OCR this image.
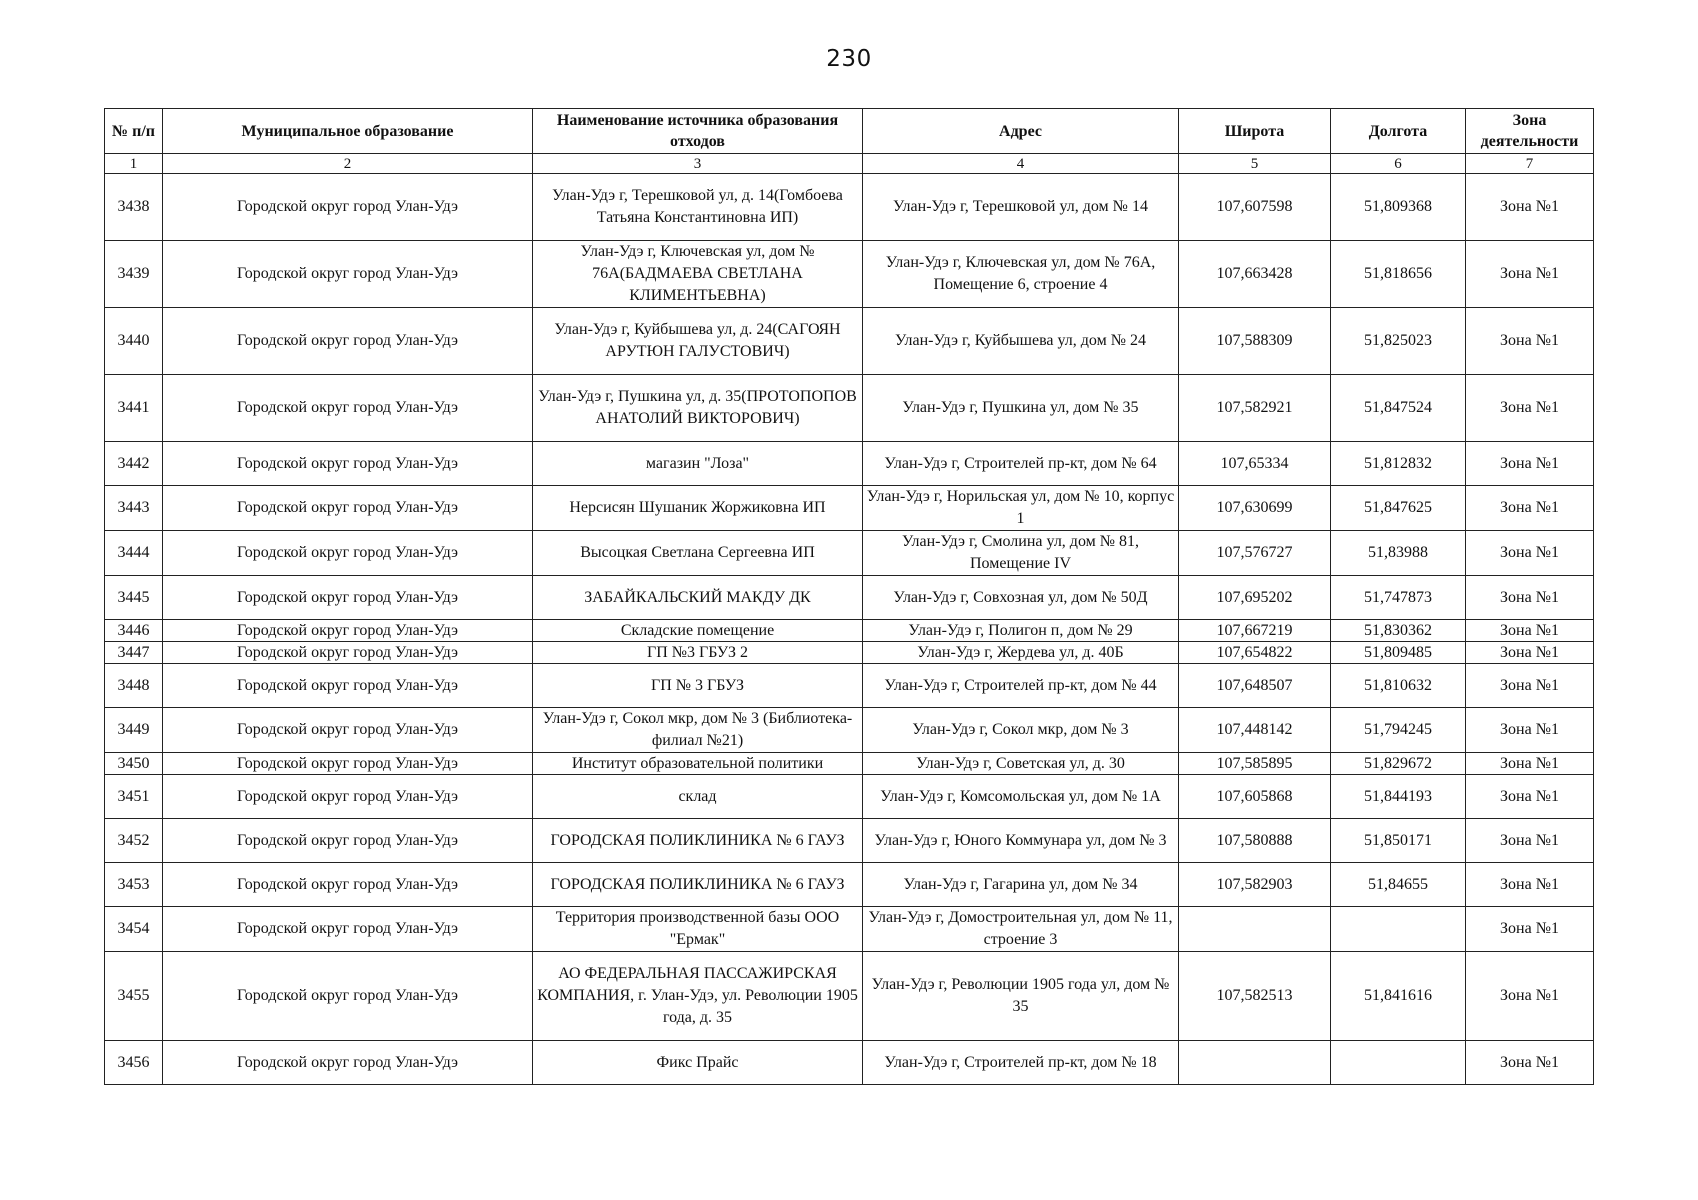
230
№ п/п	Муниципальное образование	Наименование источника образования отходов	Адрес	Широта	Долгота	Зона деятельности
1	2	3	4	5	6	7
3438	Городской округ город Улан-Удэ	Улан-Удэ г, Терешковой ул, д. 14(Гомбоева Татьяна Константиновна ИП)	Улан-Удэ г, Терешковой ул, дом № 14	107,607598	51,809368	Зона №1
3439	Городской округ город Улан-Удэ	Улан-Удэ г, Ключевская ул, дом № 76А(БАДМАЕВА СВЕТЛАНА КЛИМЕНТЬЕВНА)	Улан-Удэ г, Ключевская ул, дом № 76А, Помещение 6, строение 4	107,663428	51,818656	Зона №1
3440	Городской округ город Улан-Удэ	Улан-Удэ г, Куйбышева ул, д. 24(САГОЯН АРУТЮН ГАЛУСТОВИЧ)	Улан-Удэ г, Куйбышева ул, дом № 24	107,588309	51,825023	Зона №1
3441	Городской округ город Улан-Удэ	Улан-Удэ г, Пушкина ул, д. 35(ПРОТОПОПОВ АНАТОЛИЙ ВИКТОРОВИЧ)	Улан-Удэ г, Пушкина ул, дом № 35	107,582921	51,847524	Зона №1
3442	Городской округ город Улан-Удэ	магазин "Лоза"	Улан-Удэ г, Строителей пр-кт, дом № 64	107,65334	51,812832	Зона №1
3443	Городской округ город Улан-Удэ	Нерсисян Шушаник Жоржиковна ИП	Улан-Удэ г, Норильская ул, дом № 10, корпус 1	107,630699	51,847625	Зона №1
3444	Городской округ город Улан-Удэ	Высоцкая Светлана Сергеевна ИП	Улан-Удэ г, Смолина ул, дом № 81, Помещение IV	107,576727	51,83988	Зона №1
3445	Городской округ город Улан-Удэ	ЗАБАЙКАЛЬСКИЙ МАКДУ ДК	Улан-Удэ г, Совхозная ул, дом № 50Д	107,695202	51,747873	Зона №1
3446	Городской округ город Улан-Удэ	Складские помещение	Улан-Удэ г, Полигон п, дом № 29	107,667219	51,830362	Зона №1
3447	Городской округ город Улан-Удэ	ГП №3 ГБУЗ 2	Улан-Удэ г, Жердева ул, д. 40Б	107,654822	51,809485	Зона №1
3448	Городской округ город Улан-Удэ	ГП № 3 ГБУЗ	Улан-Удэ г, Строителей пр-кт, дом № 44	107,648507	51,810632	Зона №1
3449	Городской округ город Улан-Удэ	Улан-Удэ г, Сокол мкр, дом № 3 (Библиотека-филиал №21)	Улан-Удэ г, Сокол мкр, дом № 3	107,448142	51,794245	Зона №1
3450	Городской округ город Улан-Удэ	Институт образовательной политики	Улан-Удэ г, Советская ул, д. 30	107,585895	51,829672	Зона №1
3451	Городской округ город Улан-Удэ	склад	Улан-Удэ г, Комсомольская ул, дом № 1А	107,605868	51,844193	Зона №1
3452	Городской округ город Улан-Удэ	ГОРОДСКАЯ ПОЛИКЛИНИКА № 6 ГАУЗ	Улан-Удэ г, Юного Коммунара ул, дом № 3	107,580888	51,850171	Зона №1
3453	Городской округ город Улан-Удэ	ГОРОДСКАЯ ПОЛИКЛИНИКА № 6 ГАУЗ	Улан-Удэ г, Гагарина ул, дом № 34	107,582903	51,84655	Зона №1
3454	Городской округ город Улан-Удэ	Территория производственной базы ООО "Ермак"	Улан-Удэ г, Домостроительная ул, дом № 11, строение 3			Зона №1
3455	Городской округ город Улан-Удэ	АО ФЕДЕРАЛЬНАЯ ПАССАЖИРСКАЯ КОМПАНИЯ, г. Улан-Удэ, ул. Революции 1905 года, д. 35	Улан-Удэ г, Революции 1905 года ул, дом № 35	107,582513	51,841616	Зона №1
3456	Городской округ город Улан-Удэ	Фикс Прайс	Улан-Удэ г, Строителей пр-кт, дом № 18			Зона №1
